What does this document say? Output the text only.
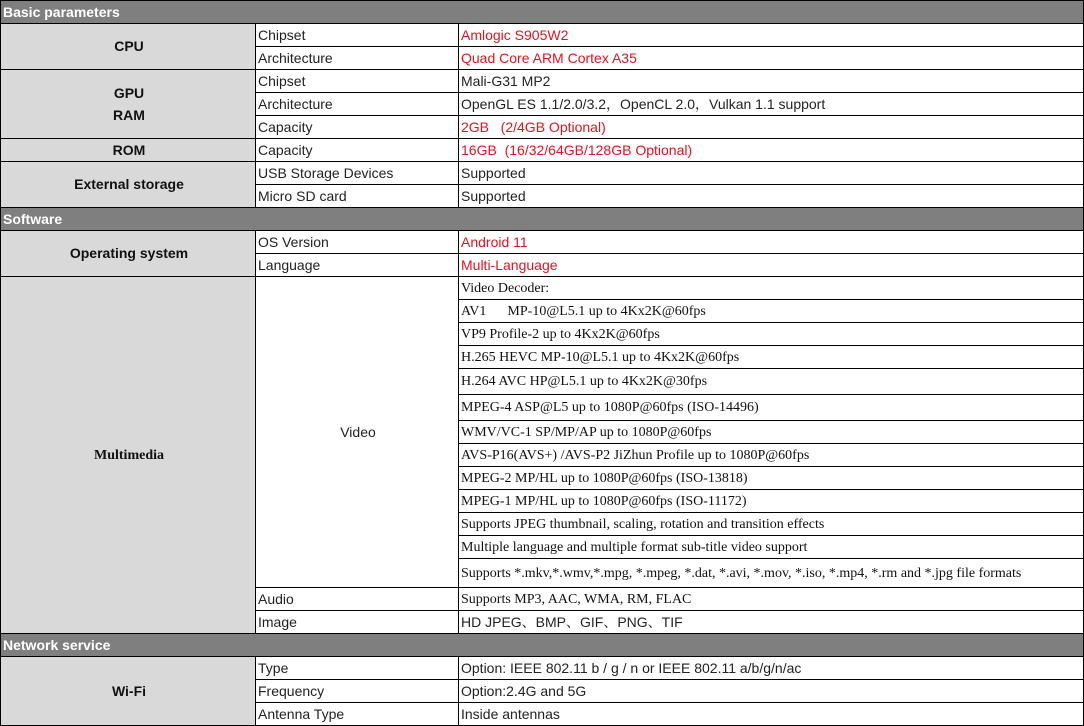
Basic parameters		
CPU	Chipset	Amlogic S905W2
	Architecture	Quad Core ARM Cortex A35

GPU
RAM	Chipset	Mali-G31 MP2
	Architecture	OpenGL ES 1.1/2.0/3.2，OpenCL 2.0，Vulkan 1.1 support
	Capacity	2GB   (2/4GB Optional)
ROM	Capacity	16GB  (16/32/64GB/128GB Optional)
External storage	USB Storage Devices	Supported
	Micro SD card	Supported
Software		
Operating system	OS Version	Android 11
	Language	Multi-Language
Multimedia	Video	Video Decoder:
		AV1      MP-10@L5.1 up to 4Kx2K@60fps
		VP9 Profile-2 up to 4Kx2K@60fps
		H.265 HEVC MP-10@L5.1 up to 4Kx2K@60fps
		H.264 AVC HP@L5.1 up to 4Kx2K@30fps
		MPEG-4 ASP@L5 up to 1080P@60fps (ISO-14496)
		WMV/VC-1 SP/MP/AP up to 1080P@60fps
		AVS-P16(AVS+) /AVS-P2 JiZhun Profile up to 1080P@60fps
		MPEG-2 MP/HL up to 1080P@60fps (ISO-13818)
		MPEG-1 MP/HL up to 1080P@60fps (ISO-11172)
		Supports JPEG thumbnail, scaling, rotation and transition effects
		Multiple language and multiple format sub-title video support
		Supports *.mkv,*.wmv,*.mpg, *.mpeg, *.dat, *.avi, *.mov, *.iso, *.mp4, *.rm and *.jpg file formats
	Audio	Supports MP3, AAC, WMA, RM, FLAC
	Image	HD JPEG、BMP、GIF、PNG、TIF
Network service		

Wi-Fi	Type	Option: IEEE 802.11 b / g / n or IEEE 802.11 a/b/g/n/ac
	Frequency	Option:2.4G and 5G
	Antenna Type	Inside antennas
